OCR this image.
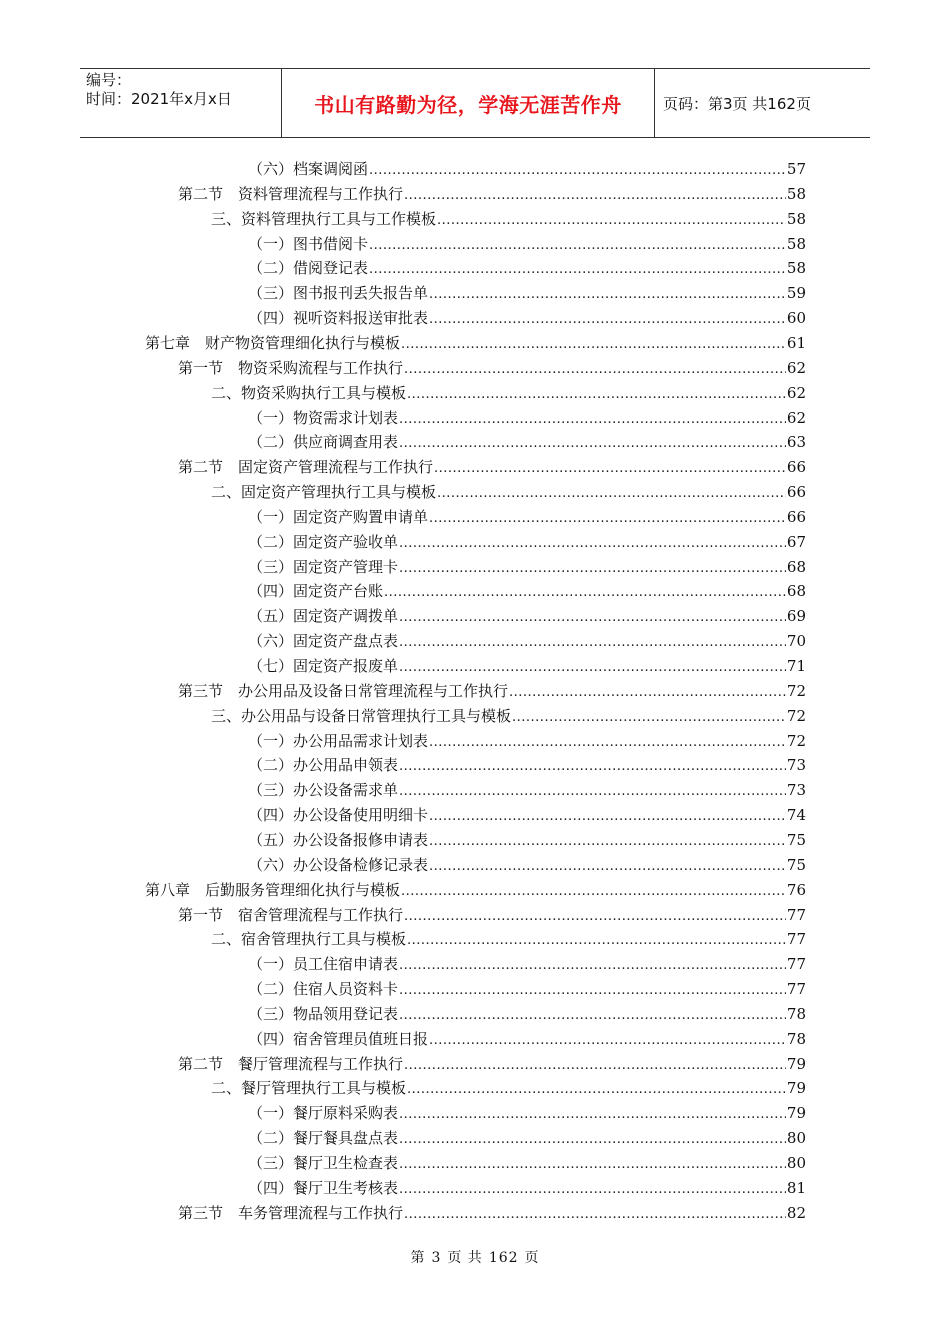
编号：
时间：2021年x月x日	书山有路勤为径，学海无涯苦作舟	页码：第3页 共162页
（六）档案调阅函 .....	57
第二节　资料管理流程与工作执行 .....	58
三、资料管理执行工具与工作模板 .....	58
（一）图书借阅卡 .....	58
（二）借阅登记表 .....	58
（三）图书报刊丢失报告单 .....	59
（四）视听资料报送审批表 .....	60
第七章　财产物资管理细化执行与模板 .....	61
第一节　物资采购流程与工作执行 .....	62
二、物资采购执行工具与模板 .....	62
（一）物资需求计划表 .....	62
（二）供应商调查用表 .....	63
第二节　固定资产管理流程与工作执行 .....	66
二、固定资产管理执行工具与模板 .....	66
（一）固定资产购置申请单 .....	66
（二）固定资产验收单 .....	67
（三）固定资产管理卡 .....	68
（四）固定资产台账 .....	68
（五）固定资产调拨单 .....	69
（六）固定资产盘点表 .....	70
（七）固定资产报废单 .....	71
第三节　办公用品及设备日常管理流程与工作执行 .....	72
三、办公用品与设备日常管理执行工具与模板 .....	72
（一）办公用品需求计划表 .....	72
（二）办公用品申领表 .....	73
（三）办公设备需求单 .....	73
（四）办公设备使用明细卡 .....	74
（五）办公设备报修申请表 .....	75
（六）办公设备检修记录表 .....	75
第八章　后勤服务管理细化执行与模板 .....	76
第一节　宿舍管理流程与工作执行 .....	77
二、宿舍管理执行工具与模板 .....	77
（一）员工住宿申请表 .....	77
（二）住宿人员资料卡 .....	77
（三）物品领用登记表 .....	78
（四）宿舍管理员值班日报 .....	78
第二节　餐厅管理流程与工作执行 .....	79
二、餐厅管理执行工具与模板 .....	79
（一）餐厅原料采购表 .....	79
（二）餐厅餐具盘点表 .....	80
（三）餐厅卫生检查表 .....	80
（四）餐厅卫生考核表 .....	81
第三节　车务管理流程与工作执行 .....	82
第 3 页 共 162 页
